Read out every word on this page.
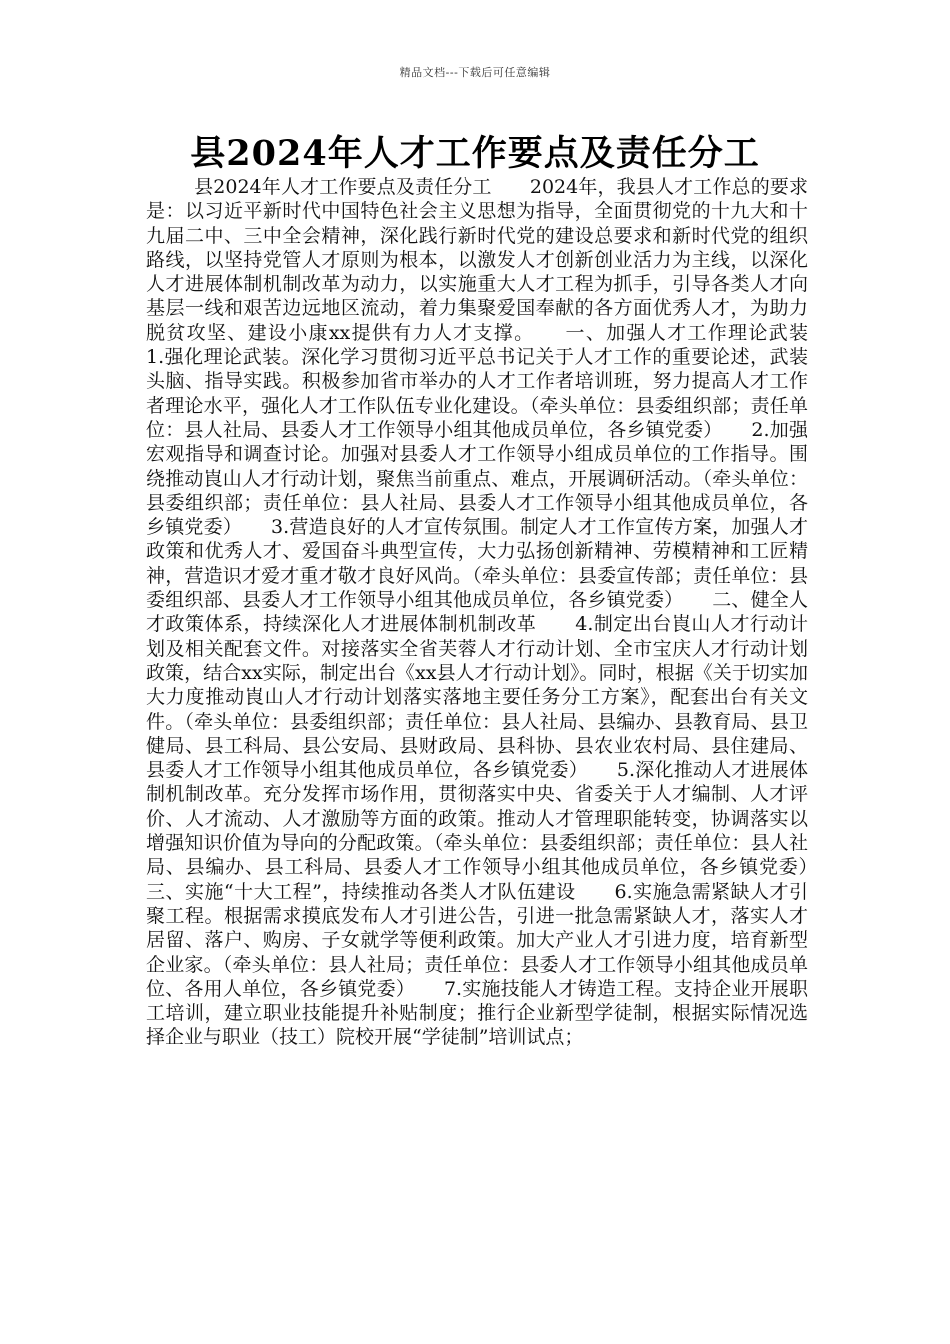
精品文档---下载后可任意编辑
县2024年人才工作要点及责任分工

县2024年人才工作要点及责任分工　　2024年，我县人才工作总的要求是：以习近平新时代中国特色社会主义思想为指导，全面贯彻党的十九大和十九届二中、三中全会精神，深化践行新时代党的建设总要求和新时代党的组织路线，以坚持党管人才原则为根本，以激发人才创新创业活力为主线，以深化人才进展体制机制改革为动力，以实施重大人才工程为抓手，引导各类人才向基层一线和艰苦边远地区流动，着力集聚爱国奉献的各方面优秀人才，为助力脱贫攻坚、建设小康xx提供有力人才支撑。　　一、加强人才工作理论武装　　1.强化理论武装。深化学习贯彻习近平总书记关于人才工作的重要论述，武装头脑、指导实践。积极参加省市举办的人才工作者培训班，努力提高人才工作者理论水平，强化人才工作队伍专业化建设。（牵头单位：县委组织部；责任单位：县人社局、县委人才工作领导小组其他成员单位，各乡镇党委）　　2.加强宏观指导和调查讨论。加强对县委人才工作领导小组成员单位的工作指导。围绕推动崀山人才行动计划，聚焦当前重点、难点，开展调研活动。（牵头单位：县委组织部；责任单位：县人社局、县委人才工作领导小组其他成员单位，各乡镇党委）　　3.营造良好的人才宣传氛围。制定人才工作宣传方案，加强人才政策和优秀人才、爱国奋斗典型宣传，大力弘扬创新精神、劳模精神和工匠精神，营造识才爱才重才敬才良好风尚。（牵头单位：县委宣传部；责任单位：县委组织部、县委人才工作领导小组其他成员单位，各乡镇党委）　　二、健全人才政策体系，持续深化人才进展体制机制改革　　4.制定出台崀山人才行动计划及相关配套文件。对接落实全省芙蓉人才行动计划、全市宝庆人才行动计划政策，结合xx实际，制定出台《xx县人才行动计划》。同时，根据《关于切实加大力度推动崀山人才行动计划落实落地主要任务分工方案》，配套出台有关文件。（牵头单位：县委组织部；责任单位：县人社局、县编办、县教育局、县卫健局、县工科局、县公安局、县财政局、县科协、县农业农村局、县住建局、县委人才工作领导小组其他成员单位，各乡镇党委）　　5.深化推动人才进展体制机制改革。充分发挥市场作用，贯彻落实中央、省委关于人才编制、人才评价、人才流动、人才激励等方面的政策。推动人才管理职能转变，协调落实以增强知识价值为导向的分配政策。（牵头单位：县委组织部；责任单位：县人社局、县编办、县工科局、县委人才工作领导小组其他成员单位，各乡镇党委）　　三、实施“十大工程”，持续推动各类人才队伍建设　　6.实施急需紧缺人才引聚工程。根据需求摸底发布人才引进公告，引进一批急需紧缺人才，落实人才居留、落户、购房、子女就学等便利政策。加大产业人才引进力度，培育新型企业家。（牵头单位：县人社局；责任单位：县委人才工作领导小组其他成员单位、各用人单位，各乡镇党委）　　7.实施技能人才铸造工程。支持企业开展职工培训，建立职业技能提升补贴制度；推行企业新型学徒制，根据实际情况选择企业与职业（技工）院校开展“学徒制”培训试点；
